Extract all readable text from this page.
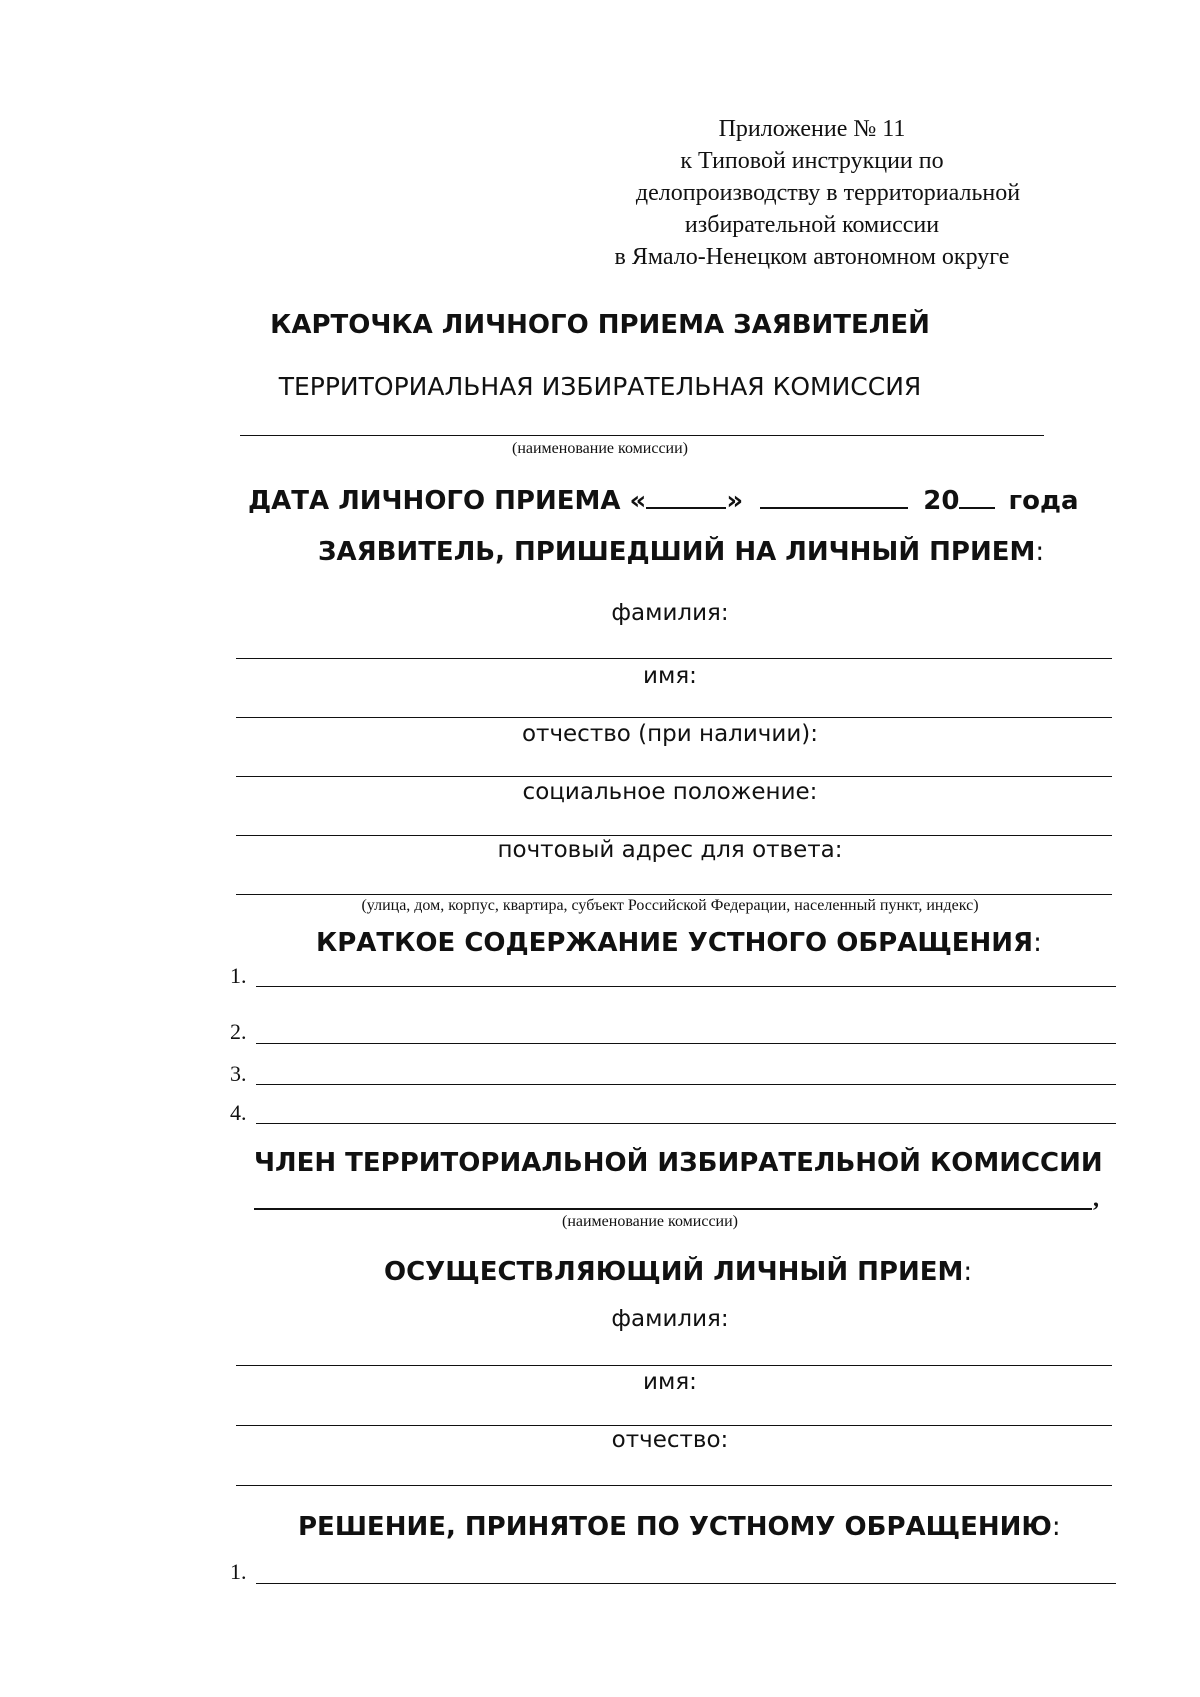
Приложение № 11
к Типовой инструкции по
делопроизводству в территориальной
избирательной комиссии
в Ямало-Ненецком автономном округе
КАРТОЧКА ЛИЧНОГО ПРИЕМА ЗАЯВИТЕЛЕЙ
ТЕРРИТОРИАЛЬНАЯ ИЗБИРАТЕЛЬНАЯ КОМИССИЯ
(наименование комиссии)
ДАТА ЛИЧНОГО ПРИЕМА «	»	20 года
ЗАЯВИТЕЛЬ, ПРИШЕДШИЙ НА ЛИЧНЫЙ ПРИЕМ:
фамилия:
имя:
отчество (при наличии):
социальное положение:
почтовый адрес для ответа:
(улица, дом, корпус, квартира, субъект Российской Федерации, населенный пункт, индекс)
КРАТКОЕ СОДЕРЖАНИЕ УСТНОГО ОБРАЩЕНИЯ:
1.
2.
3.
4.
ЧЛЕН ТЕРРИТОРИАЛЬНОЙ ИЗБИРАТЕЛЬНОЙ КОМИССИИ
,
(наименование комиссии)
ОСУЩЕСТВЛЯЮЩИЙ ЛИЧНЫЙ ПРИЕМ:
фамилия:
имя:
отчество:
РЕШЕНИЕ, ПРИНЯТОЕ ПО УСТНОМУ ОБРАЩЕНИЮ:
1.
